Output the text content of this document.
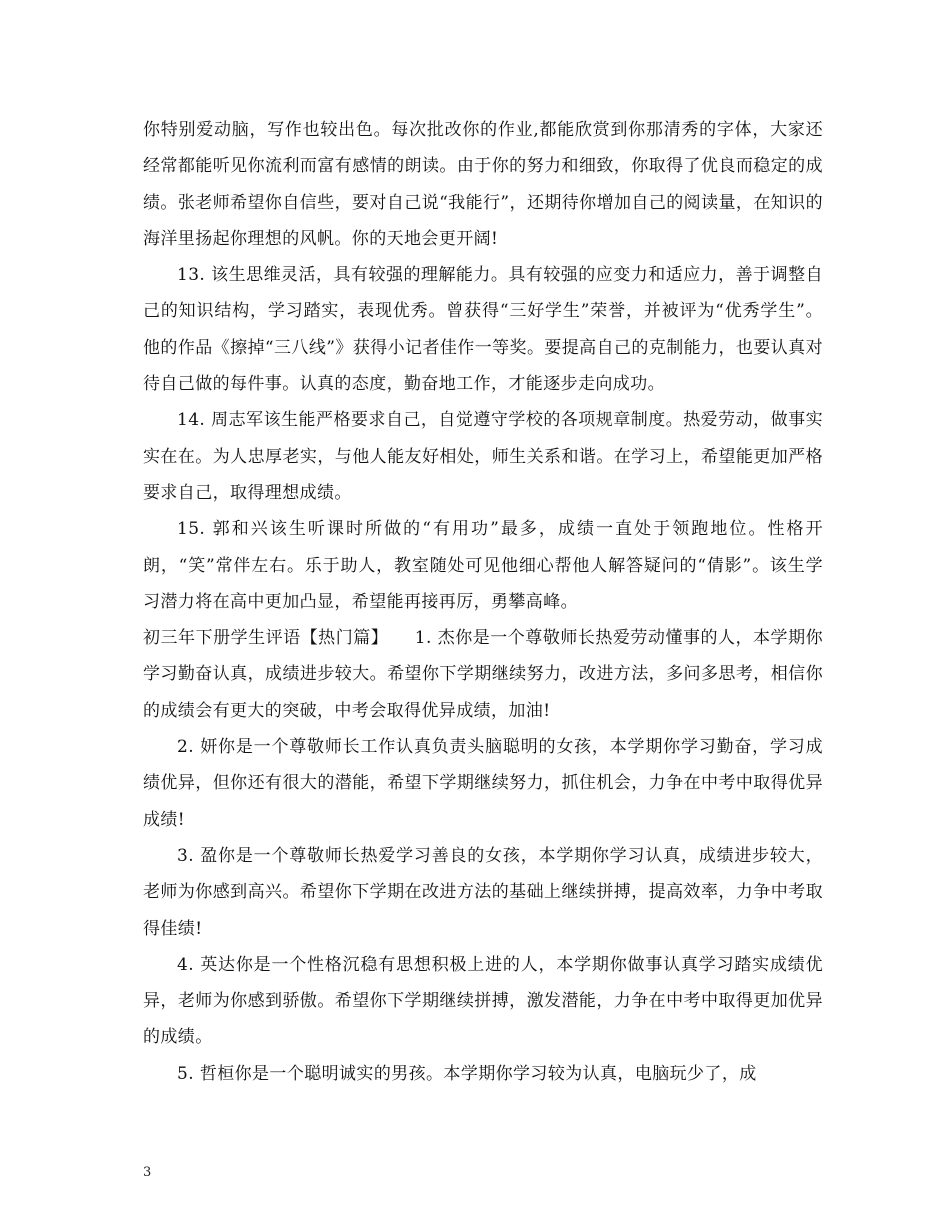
你特别爱动脑，写作也较出色。每次批改你的作业,都能欣赏到你那清秀的字体，大家还经常都能听见你流利而富有感情的朗读。由于你的努力和细致，你取得了优良而稳定的成绩。张老师希望你自信些，要对自己说“我能行”，还期待你增加自己的阅读量，在知识的海洋里扬起你理想的风帆。你的天地会更开阔!

13. 该生思维灵活，具有较强的理解能力。具有较强的应变力和适应力，善于调整自己的知识结构，学习踏实，表现优秀。曾获得“三好学生”荣誉，并被评为“优秀学生”。他的作品《擦掉“三八线”》获得小记者佳作一等奖。要提高自己的克制能力，也要认真对待自己做的每件事。认真的态度，勤奋地工作，才能逐步走向成功。

14. 周志军该生能严格要求自己，自觉遵守学校的各项规章制度。热爱劳动，做事实实在在。为人忠厚老实，与他人能友好相处，师生关系和谐。在学习上，希望能更加严格要求自己，取得理想成绩。

15. 郭和兴该生听课时所做的“有用功”最多，成绩一直处于领跑地位。性格开朗，“笑”常伴左右。乐于助人，教室随处可见他细心帮他人解答疑问的“倩影”。该生学习潜力将在高中更加凸显，希望能再接再厉，勇攀高峰。

初三年下册学生评语【热门篇】　　1. 杰你是一个尊敬师长热爱劳动懂事的人，本学期你学习勤奋认真，成绩进步较大。希望你下学期继续努力，改进方法，多问多思考，相信你的成绩会有更大的突破，中考会取得优异成绩，加油!

2. 妍你是一个尊敬师长工作认真负责头脑聪明的女孩，本学期你学习勤奋，学习成绩优异，但你还有很大的潜能，希望下学期继续努力，抓住机会，力争在中考中取得优异成绩!

3. 盈你是一个尊敬师长热爱学习善良的女孩，本学期你学习认真，成绩进步较大，老师为你感到高兴。希望你下学期在改进方法的基础上继续拼搏，提高效率，力争中考取得佳绩!

4. 英达你是一个性格沉稳有思想积极上进的人，本学期你做事认真学习踏实成绩优异，老师为你感到骄傲。希望你下学期继续拼搏，激发潜能，力争在中考中取得更加优异的成绩。

5. 哲桓你是一个聪明诚实的男孩。本学期你学习较为认真，电脑玩少了，成

3
